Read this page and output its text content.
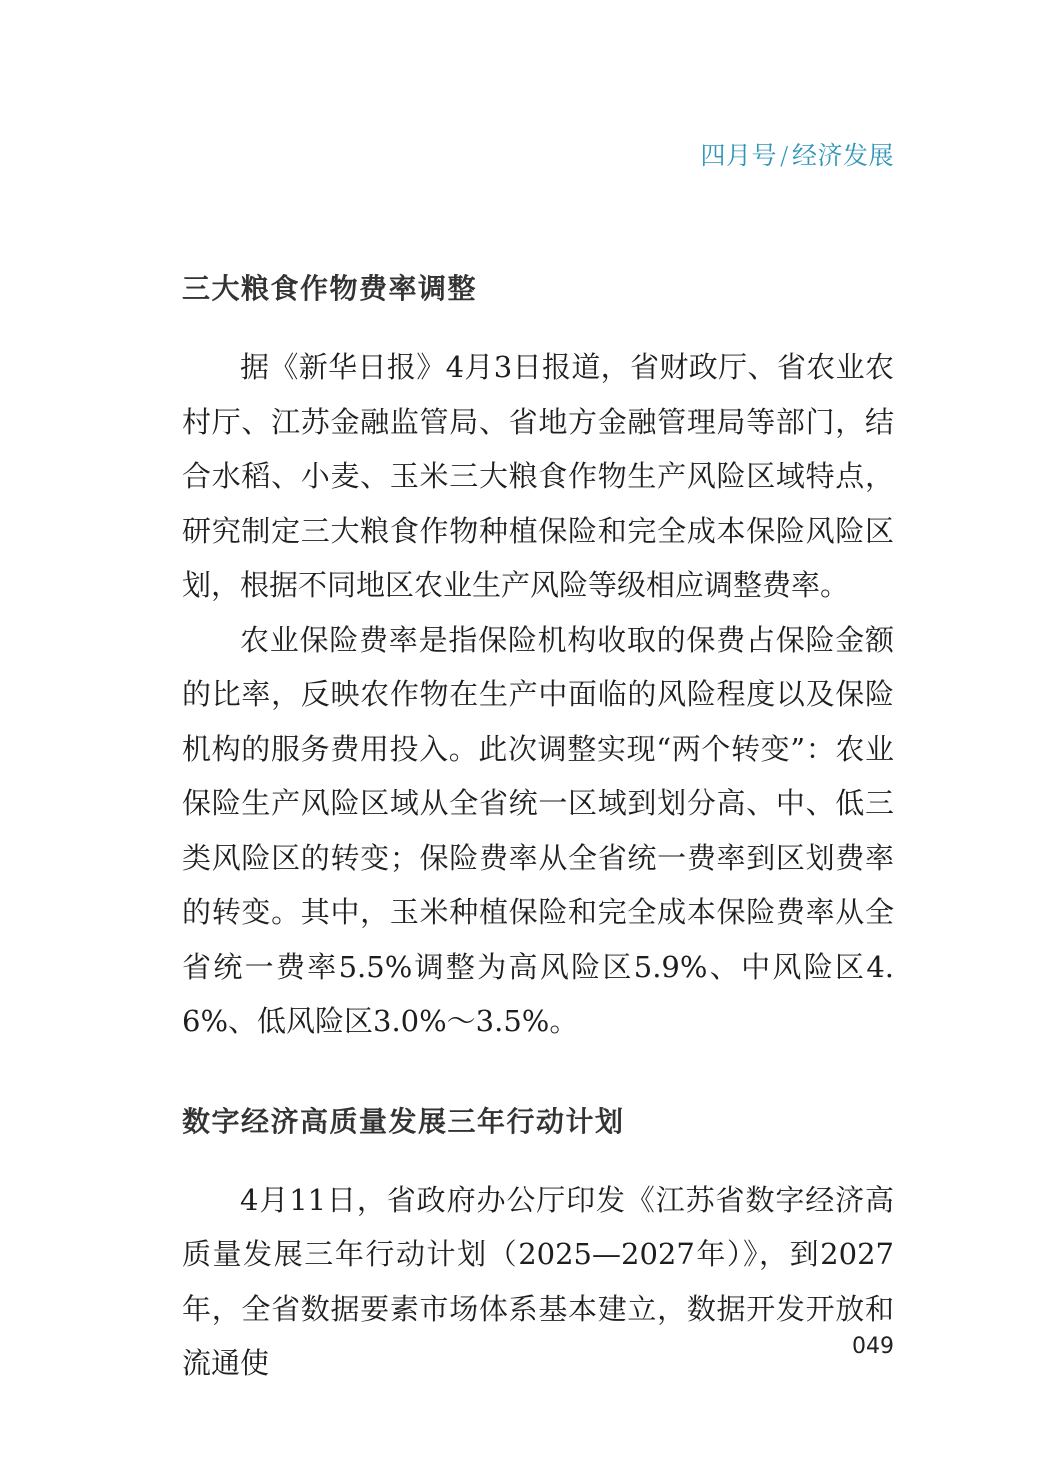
四月号 / 经济发展
三大粮食作物费率调整

据《新华日报》4月3日报道，省财政厅、省农业农村厅、江苏金融监管局、省地方金融管理局等部门，结合水稻、小麦、玉米三大粮食作物生产风险区域特点，研究制定三大粮食作物种植保险和完全成本保险风险区划，根据不同地区农业生产风险等级相应调整费率。

农业保险费率是指保险机构收取的保费占保险金额的比率，反映农作物在生产中面临的风险程度以及保险机构的服务费用投入。此次调整实现“两个转变”：农业保险生产风险区域从全省统一区域到划分高、中、低三类风险区的转变；保险费率从全省统一费率到区划费率的转变。其中，玉米种植保险和完全成本保险费率从全省统一费率5.5%调整为高风险区5.9%、中风险区4.6%、低风险区3.0%～3.5%。

数字经济高质量发展三年行动计划

4月11日，省政府办公厅印发《江苏省数字经济高质量发展三年行动计划（2025—2027年）》，到2027年，全省数据要素市场体系基本建立，数据开发开放和流通使	049
